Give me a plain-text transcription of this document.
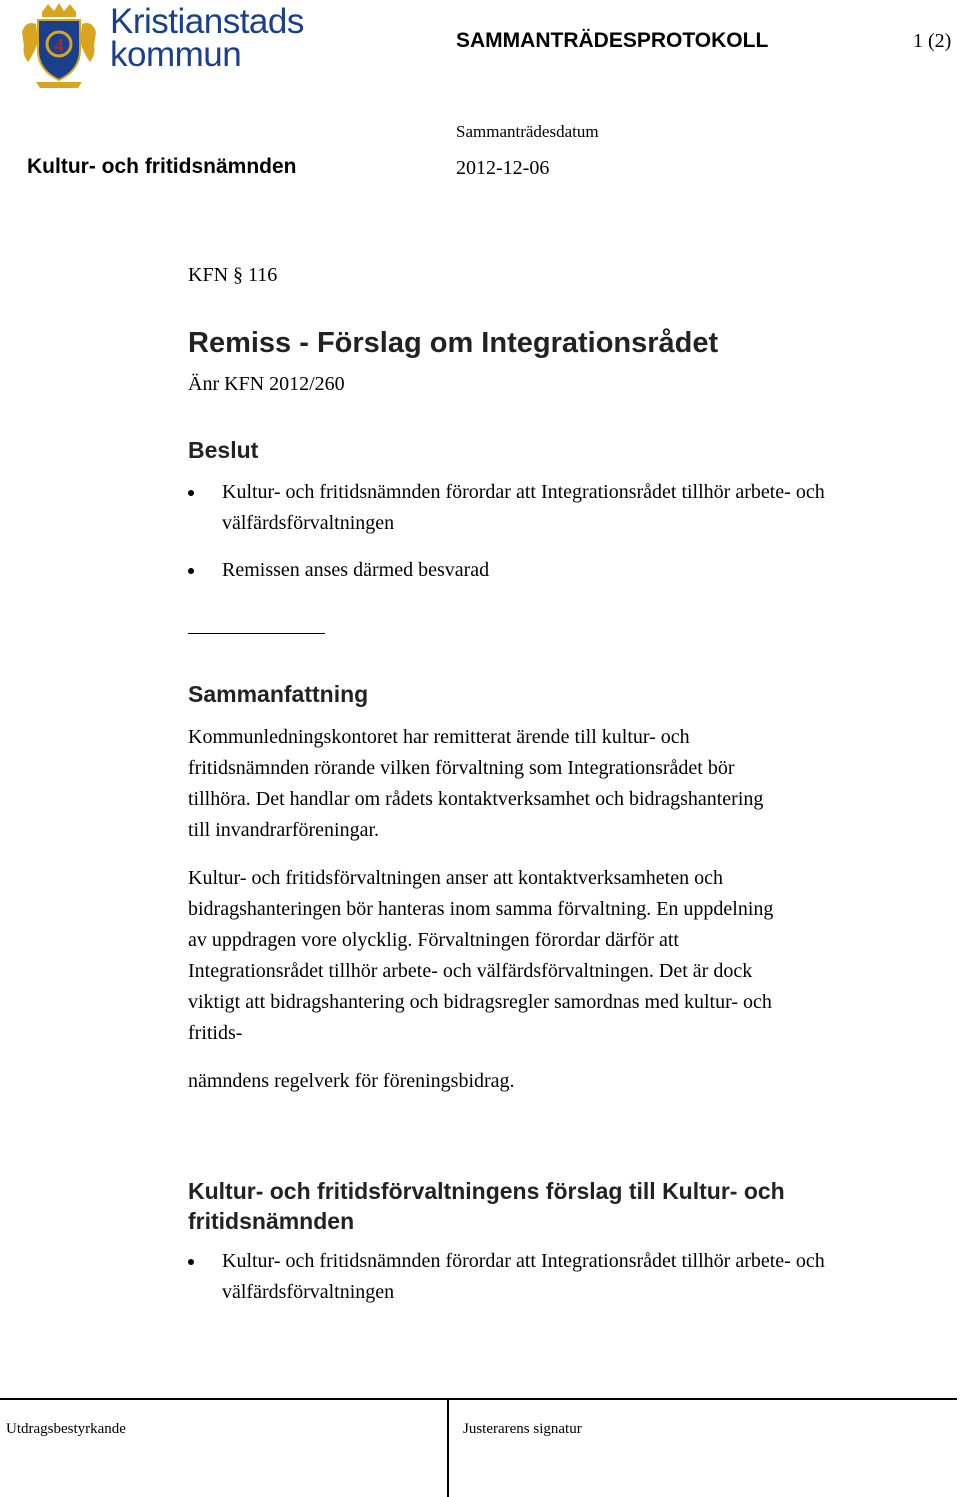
4
Kristianstads
kommun	SAMMANTRÄDESPROTOKOLL	1 (2)
Sammanträdesdatum
Kultur- och fritidsnämnden	2012-12-06
KFN § 116
Remiss - Förslag om Integrationsrådet
Änr KFN 2012/260
Beslut
Kultur- och fritidsnämnden förordar att Integrationsrådet tillhör arbete- och välfärdsförvaltningen
Remissen anses därmed besvarad
Sammanfattning
Kommunledningskontoret har remitterat ärende till kultur- och
fritidsnämnden rörande vilken förvaltning som Integrationsrådet bör
tillhöra. Det handlar om rådets kontaktverksamhet och bidragshantering
till invandrarföreningar.
Kultur- och fritidsförvaltningen anser att kontaktverksamheten och
bidragshanteringen bör hanteras inom samma förvaltning. En uppdelning
av uppdragen vore olycklig. Förvaltningen förordar därför att
Integrationsrådet tillhör arbete- och välfärdsförvaltningen. Det är dock
viktigt att bidragshantering och bidragsregler samordnas med kultur- och
fritids-
nämndens regelverk för föreningsbidrag.
Kultur- och fritidsförvaltningens förslag till Kultur- och fritidsnämnden
Kultur- och fritidsnämnden förordar att Integrationsrådet tillhör arbete- och välfärdsförvaltningen
Utdragsbestyrkande	Justerarens signatur
